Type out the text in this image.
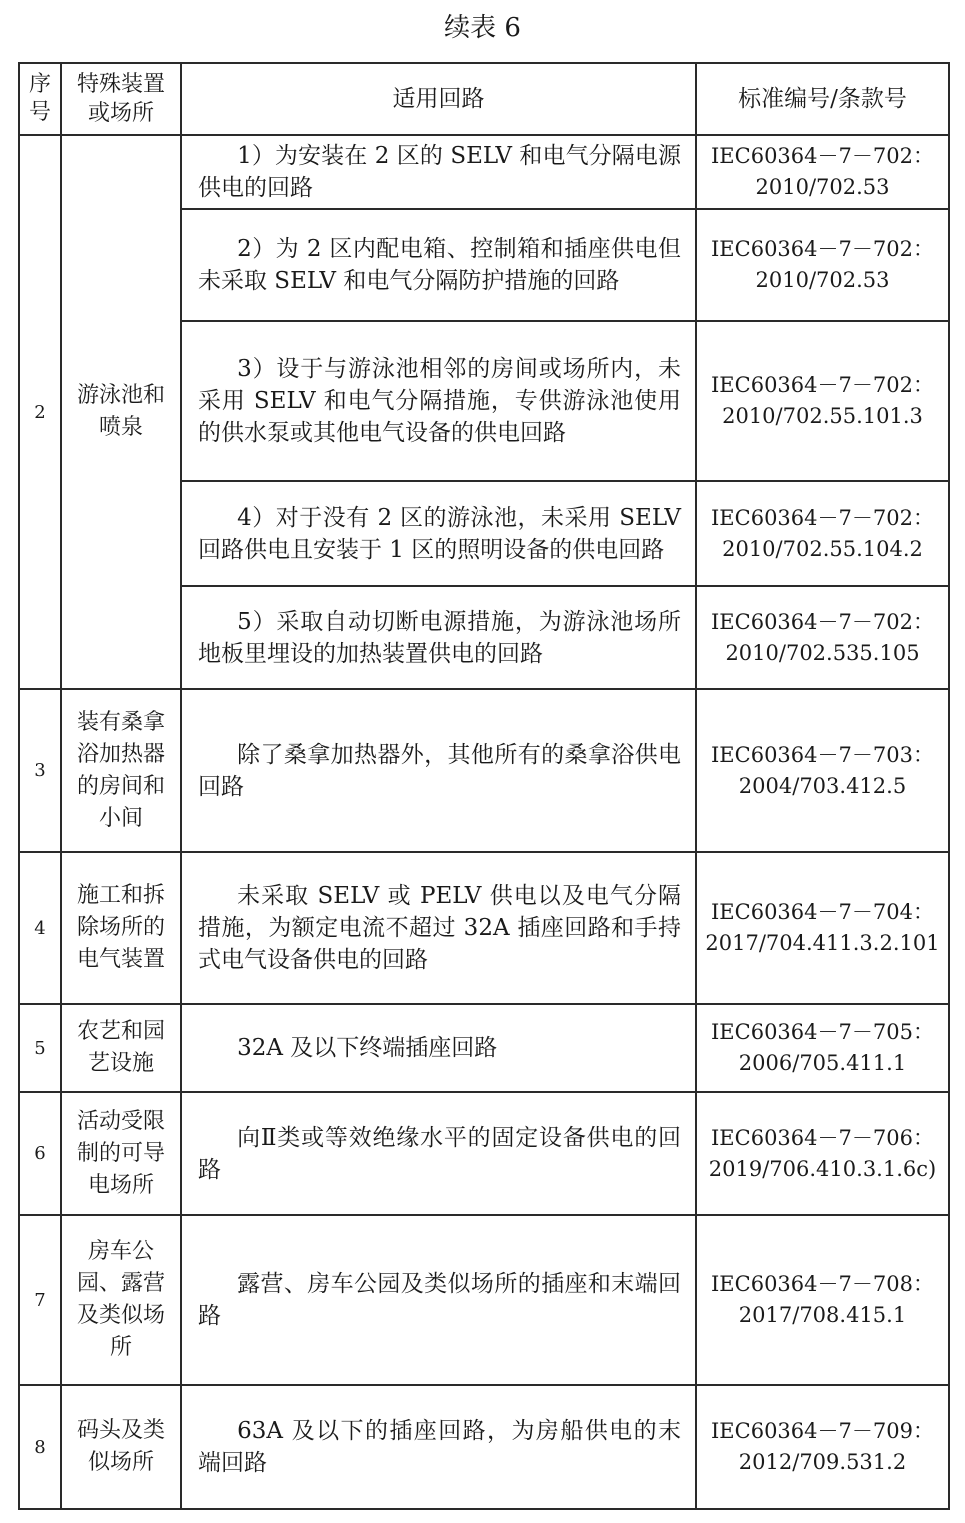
续表 6
序号	特殊装置或场所	适用回路	标准编号/条款号
2	游泳池和喷泉	1）为安装在 2 区的 SELV 和电气分隔电源供电的回路	IEC60364－7－702：
2010/702.53

		2）为 2 区内配电箱、控制箱和插座供电但未采取 SELV 和电气分隔防护措施的回路	IEC60364－7－702：
2010/702.53

		3）设于与游泳池相邻的房间或场所内，未采用 SELV 和电气分隔措施，专供游泳池使用的供水泵或其他电气设备的供电回路	IEC60364－7－702：
2010/702.55.101.3

		4）对于没有 2 区的游泳池，未采用 SELV 回路供电且安装于 1 区的照明设备的供电回路	IEC60364－7－702：
2010/702.55.104.2

		5）采取自动切断电源措施，为游泳池场所地板里埋设的加热装置供电的回路	IEC60364－7－702：
2010/702.535.105

3	装有桑拿浴加热器的房间和小间	除了桑拿加热器外，其他所有的桑拿浴供电回路	IEC60364－7－703：
2004/703.412.5

4	施工和拆除场所的电气装置	未采取 SELV 或 PELV 供电以及电气分隔措施，为额定电流不超过 32A 插座回路和手持式电气设备供电的回路	IEC60364－7－704：
2017/704.411.3.2.101

5	农艺和园艺设施	32A 及以下终端插座回路	IEC60364－7－705：
2006/705.411.1

6	活动受限制的可导电场所	向Ⅱ类或等效绝缘水平的固定设备供电的回路	IEC60364－7－706：
2019/706.410.3.1.6c)

7	房车公园、露营及类似场所	露营、房车公园及类似场所的插座和末端回路	IEC60364－7－708：
2017/708.415.1

8	码头及类似场所	63A 及以下的插座回路，为房船供电的末端回路	IEC60364－7－709：
2012/709.531.2
